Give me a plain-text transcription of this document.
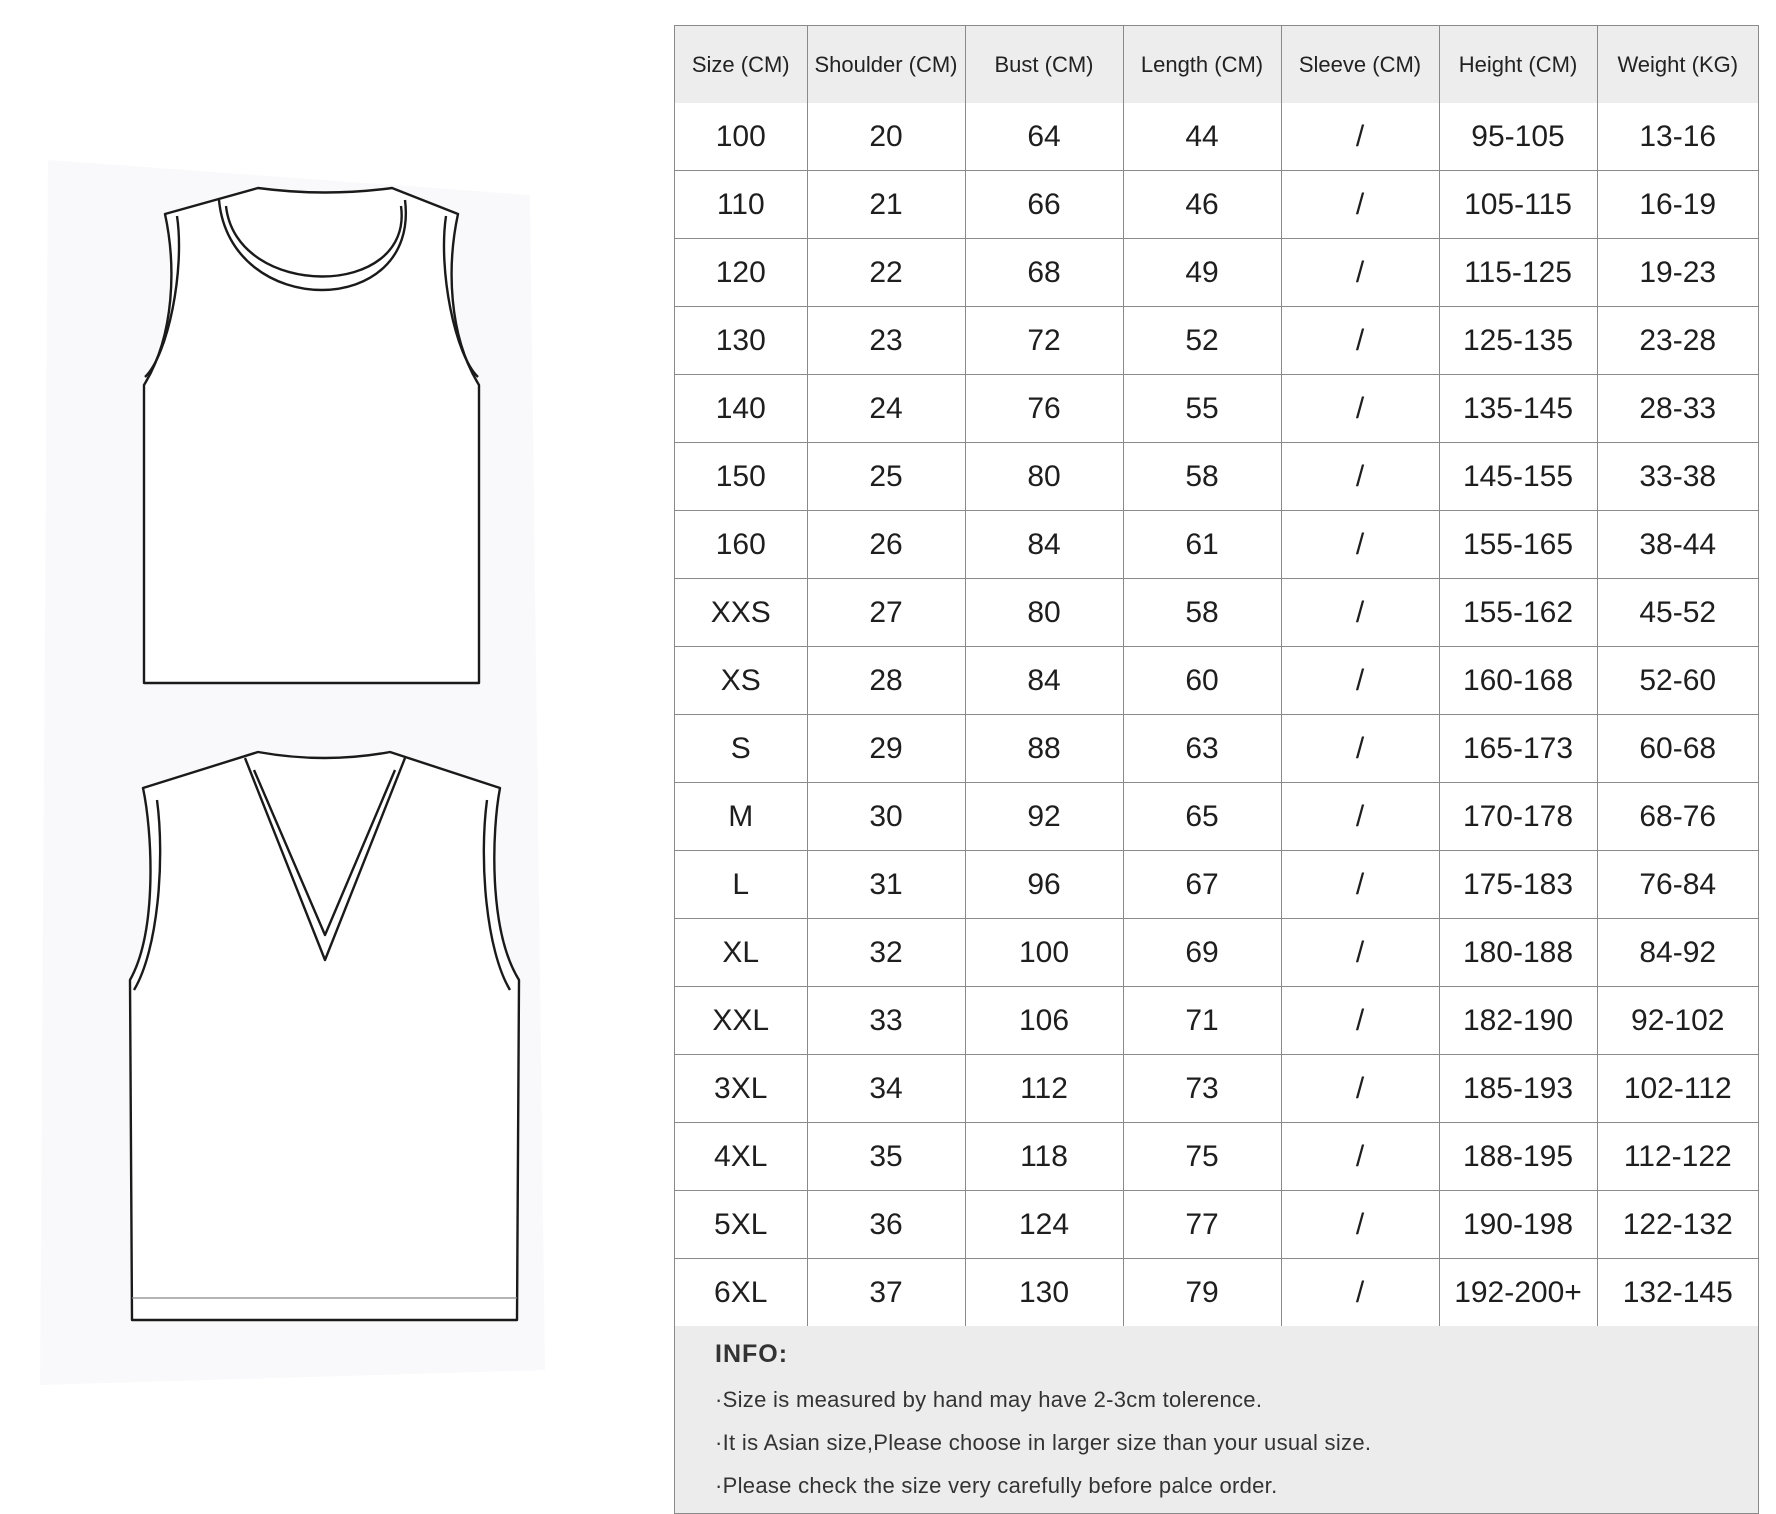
Size (CM)	Shoulder (CM)	Bust (CM)	Length (CM)	Sleeve (CM)	Height (CM)	Weight (KG)
100	20	64	44	/	95-105	13-16
110	21	66	46	/	105-115	16-19
120	22	68	49	/	115-125	19-23
130	23	72	52	/	125-135	23-28
140	24	76	55	/	135-145	28-33
150	25	80	58	/	145-155	33-38
160	26	84	61	/	155-165	38-44
XXS	27	80	58	/	155-162	45-52
XS	28	84	60	/	160-168	52-60
S	29	88	63	/	165-173	60-68
M	30	92	65	/	170-178	68-76
L	31	96	67	/	175-183	76-84
XL	32	100	69	/	180-188	84-92
XXL	33	106	71	/	182-190	92-102
3XL	34	112	73	/	185-193	102-112
4XL	35	118	75	/	188-195	112-122
5XL	36	124	77	/	190-198	122-132
6XL	37	130	79	/	192-200+	132-145
INFO:
· Size is measured by hand may have 2-3cm tolerence.
· It is Asian size,Please choose in larger size than your usual size.
· Please check the size very carefully before palce order.
